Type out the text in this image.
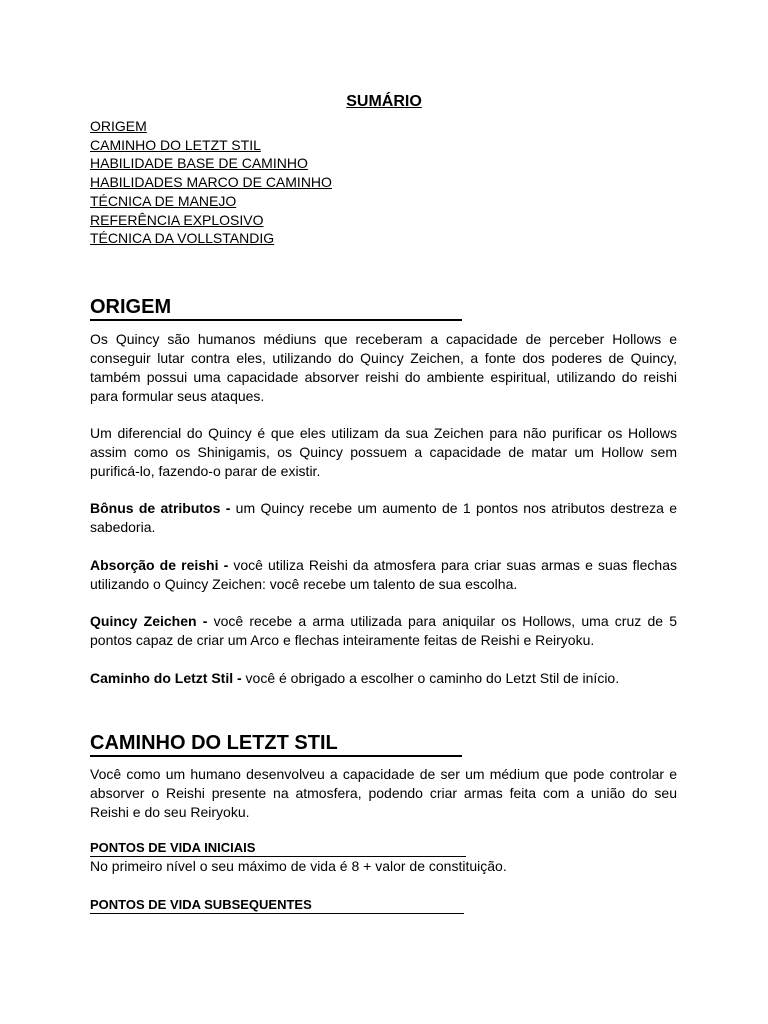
SUMÁRIO
ORIGEM
CAMINHO DO LETZT STIL
HABILIDADE BASE DE CAMINHO
HABILIDADES MARCO DE CAMINHO
TÉCNICA DE MANEJO
REFERÊNCIA EXPLOSIVO
TÉCNICA DA VOLLSTANDIG
ORIGEM

Os Quincy são humanos médiuns que receberam a capacidade de perceber Hollows e conseguir lutar contra eles, utilizando do Quincy Zeichen, a fonte dos poderes de Quincy, também possui uma capacidade absorver reishi do ambiente espiritual, utilizando do reishi para formular seus ataques.

Um diferencial do Quincy é que eles utilizam da sua Zeichen para não purificar os Hollows assim como os Shinigamis, os Quincy possuem a capacidade de matar um Hollow sem purificá-lo, fazendo-o parar de existir.

Bônus de atributos - um Quincy recebe um aumento de 1 pontos nos atributos destreza e sabedoria.

Absorção de reishi - você utiliza Reishi da atmosfera para criar suas armas e suas flechas utilizando o Quincy Zeichen: você recebe um talento de sua escolha.

Quincy Zeichen - você recebe a arma utilizada para aniquilar os Hollows, uma cruz de 5 pontos capaz de criar um Arco e flechas inteiramente feitas de Reishi e Reiryoku.

Caminho do Letzt Stil - você é obrigado a escolher o caminho do Letzt Stil de início.

CAMINHO DO LETZT STIL

Você como um humano desenvolveu a capacidade de ser um médium que pode controlar e absorver o Reishi presente na atmosfera, podendo criar armas feita com a união do seu Reishi e do seu Reiryoku.

PONTOS DE VIDA INICIAIS

No primeiro nível o seu máximo de vida é 8 + valor de constituição.

PONTOS DE VIDA SUBSEQUENTES
